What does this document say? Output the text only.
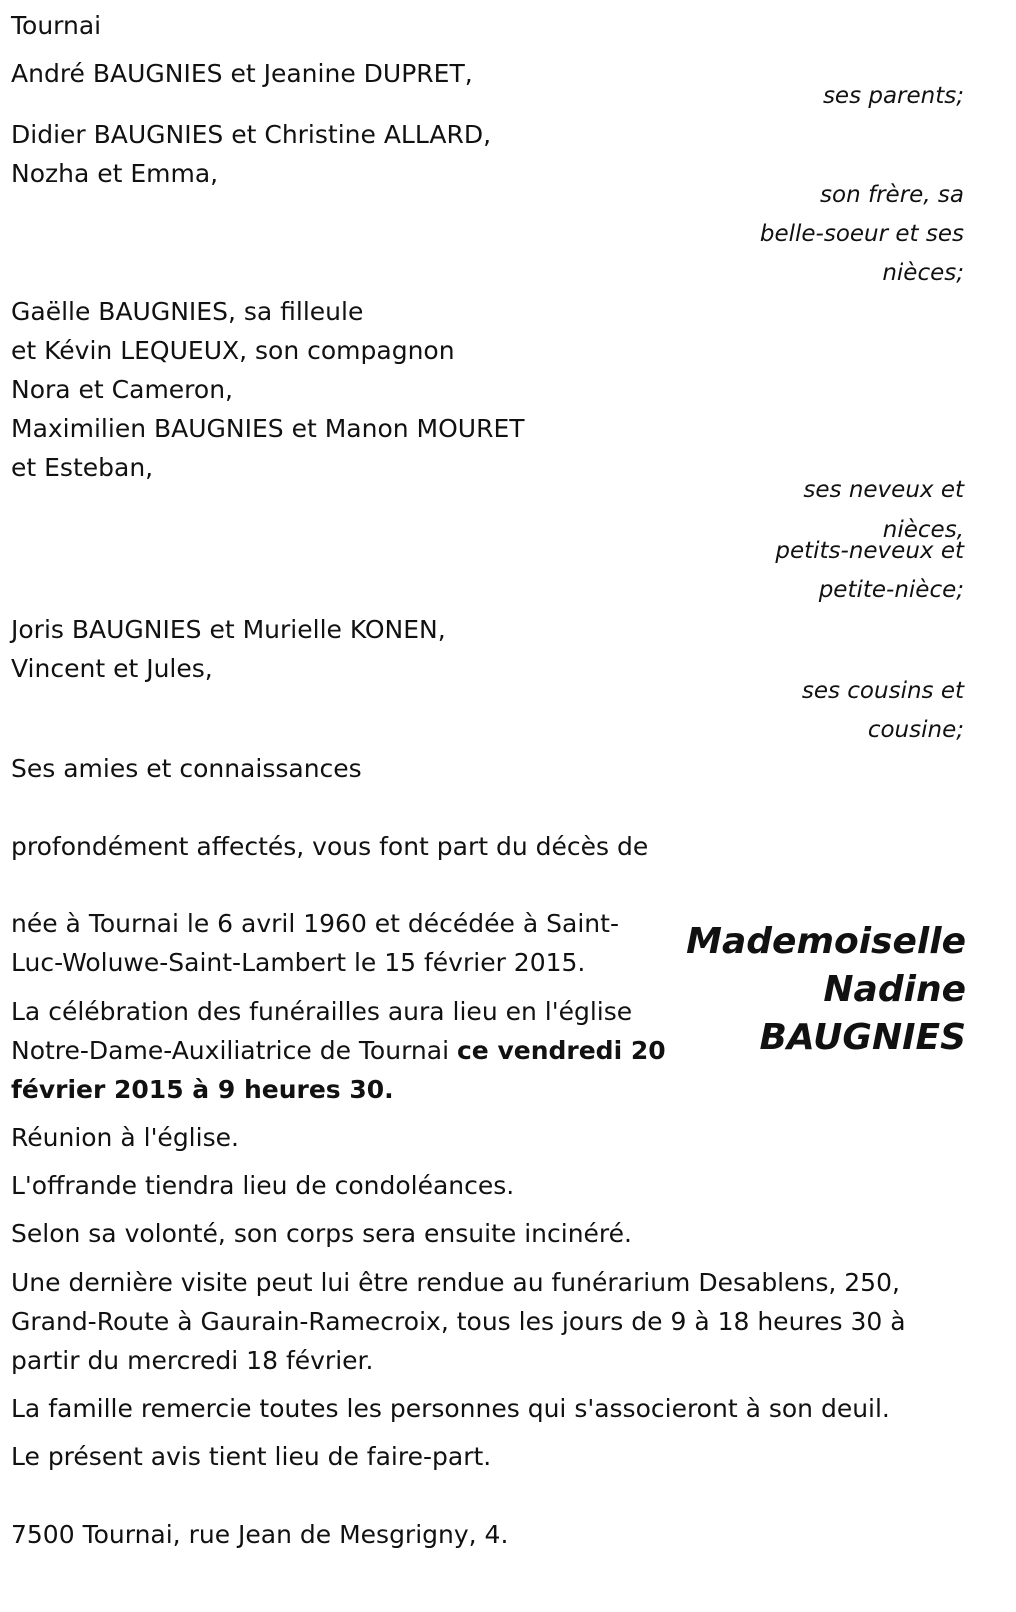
Tournai

André BAUGNIES et Jeanine DUPRET,

ses parents;

Didier BAUGNIES et Christine ALLARD,

Nozha et Emma,

son frère, sa

belle-soeur et ses

nièces;

Gaëlle BAUGNIES, sa filleule

et Kévin LEQUEUX, son compagnon

Nora et Cameron,

Maximilien BAUGNIES et Manon MOURET

et Esteban,

ses neveux et

nièces,

petits-neveux et

petite-nièce;

Joris BAUGNIES et Murielle KONEN,

Vincent et Jules,

ses cousins et

cousine;

Ses amies et connaissances

profondément affectés, vous font part du décès de

Mademoiselle
Nadine
BAUGNIES

née à Tournai le 6 avril 1960 et décédée à Saint-

Luc-Woluwe-Saint-Lambert le 15 février 2015.

La célébration des funérailles aura lieu en l'église

Notre-Dame-Auxiliatrice de Tournai ce vendredi 20

février 2015 à 9 heures 30.

Réunion à l'église.

L'offrande tiendra lieu de condoléances.

Selon sa volonté, son corps sera ensuite incinéré.

Une dernière visite peut lui être rendue au funérarium Desablens, 250,

Grand-Route à Gaurain-Ramecroix, tous les jours de 9 à 18 heures 30 à

partir du mercredi 18 février.

La famille remercie toutes les personnes qui s'associeront à son deuil.

Le présent avis tient lieu de faire-part.

7500 Tournai, rue Jean de Mesgrigny, 4.
